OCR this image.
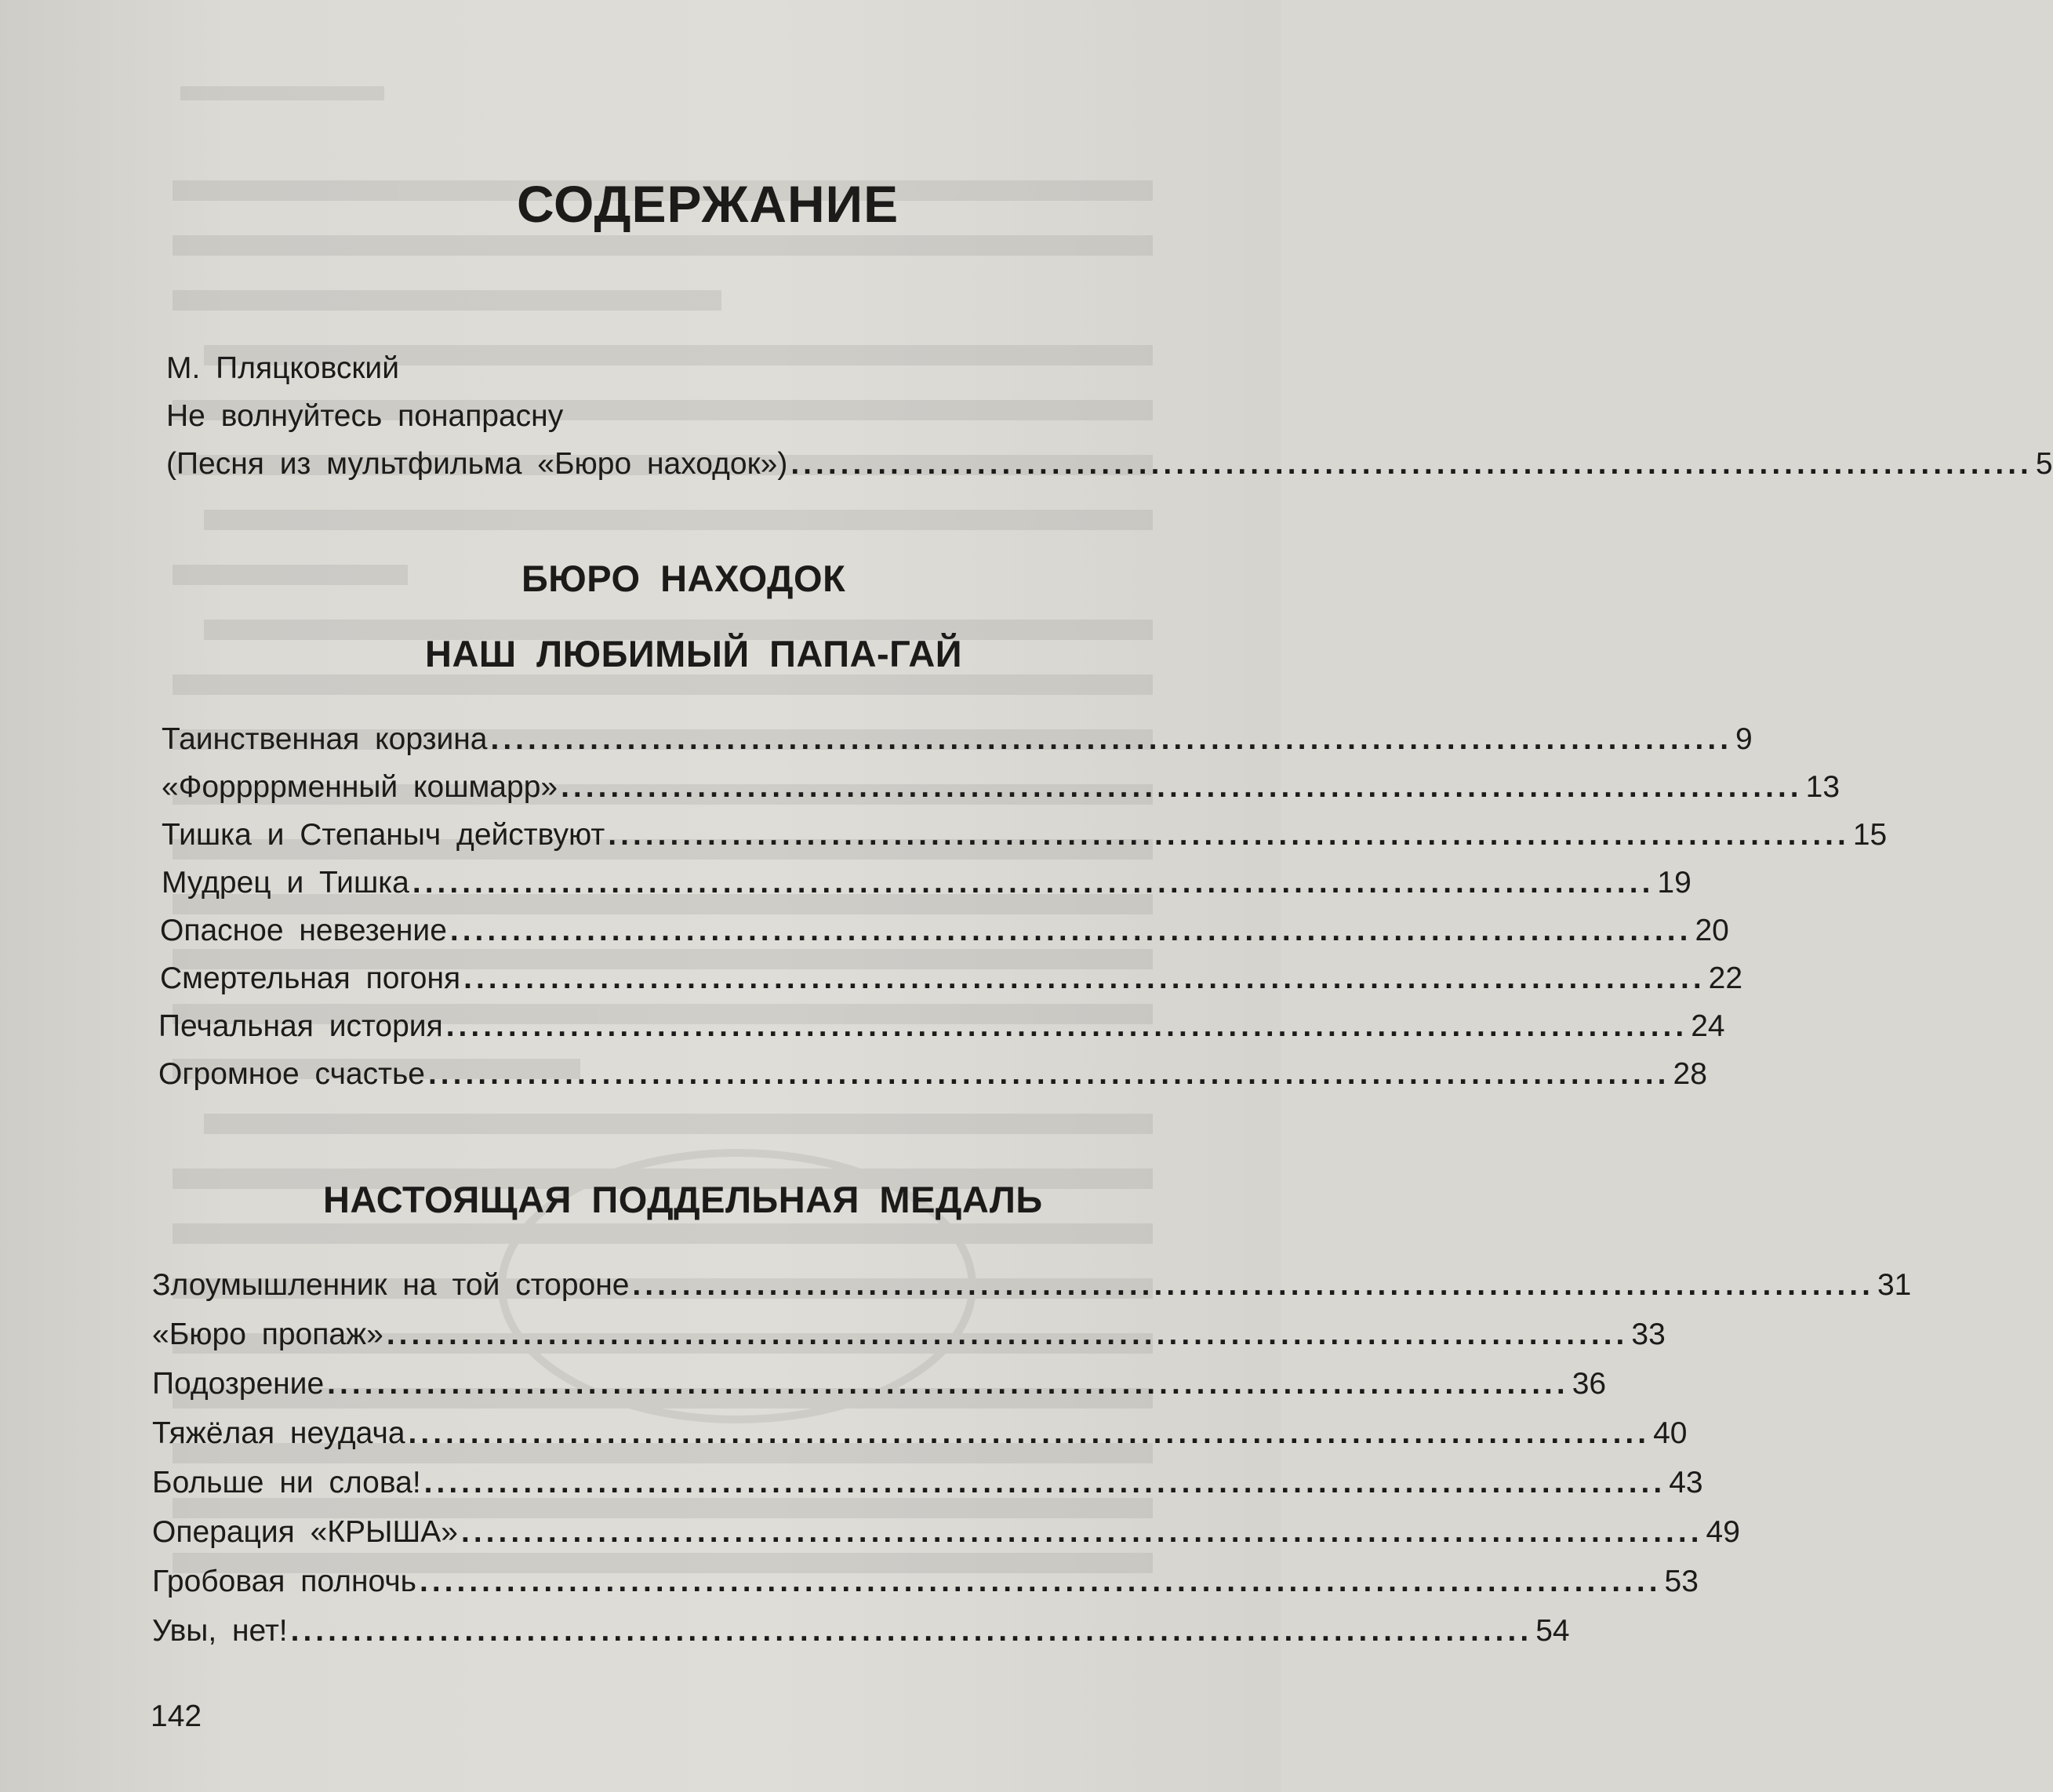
СОДЕРЖАНИЕ
М. Пляцковский
Не волнуйтесь понапрасну
(Песня из мультфильма «Бюро находок») .................................................................................................... 5
БЮРО НАХОДОК
НАШ ЛЮБИМЫЙ ПАПА-ГАЙ
Таинственная корзина .................................................................................................... 9
«Форрррменный кошмарр» .................................................................................................... 13
Тишка и Степаныч действуют .................................................................................................... 15
Мудрец и Тишка .................................................................................................... 19
Опасное невезение .................................................................................................... 20
Смертельная погоня .................................................................................................... 22
Печальная история .................................................................................................... 24
Огромное счастье .................................................................................................... 28
НАСТОЯЩАЯ ПОДДЕЛЬНАЯ МЕДАЛЬ
Злоумышленник на той стороне .................................................................................................... 31
«Бюро пропаж» .................................................................................................... 33
Подозрение .................................................................................................... 36
Тяжёлая неудача .................................................................................................... 40
Больше ни слова! .................................................................................................... 43
Операция «КРЫША» .................................................................................................... 49
Гробовая полночь .................................................................................................... 53
Увы, нет! .................................................................................................... 54
142
